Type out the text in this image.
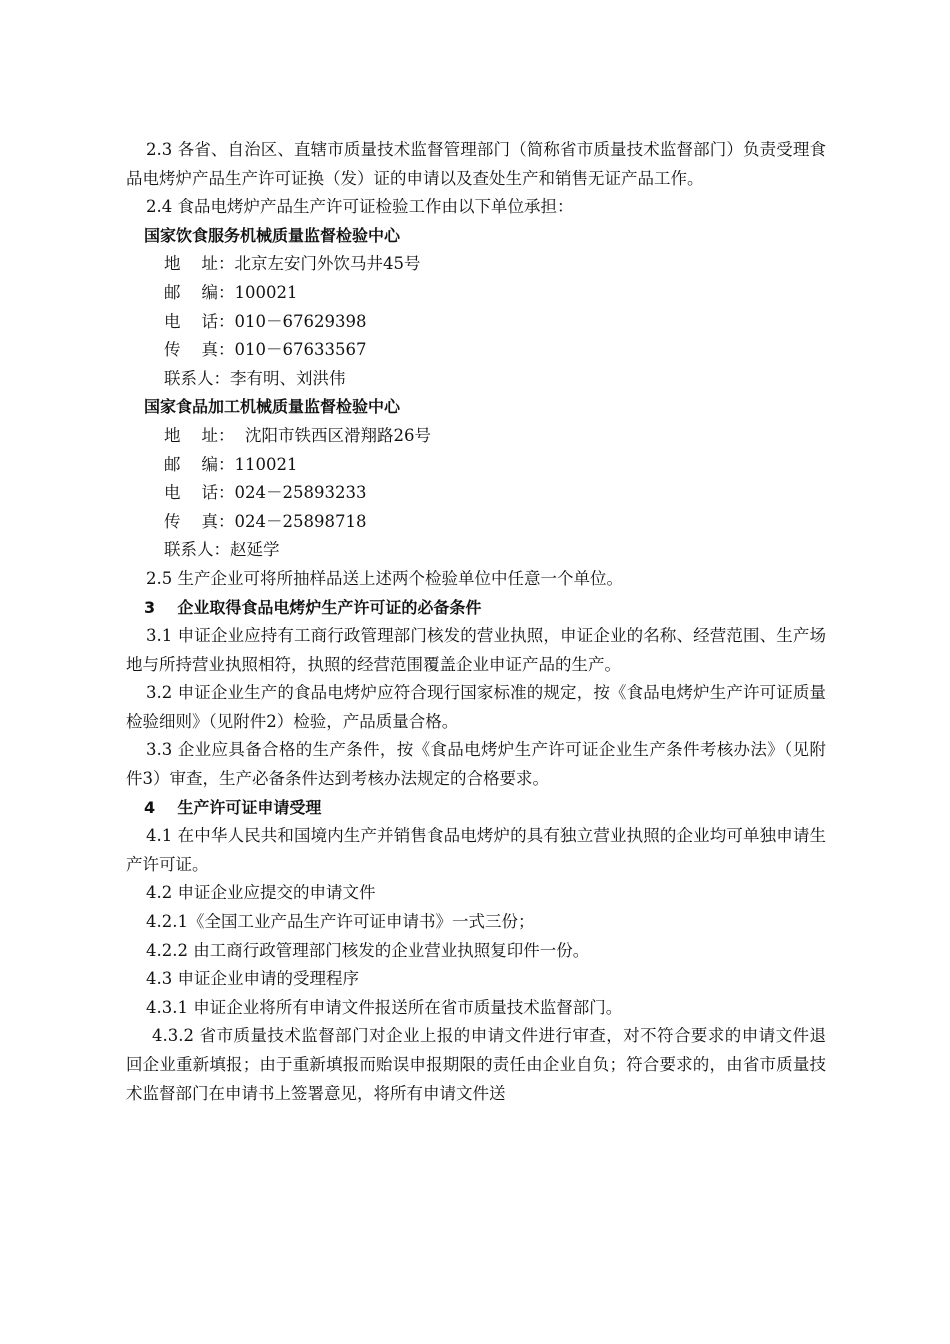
2.3 各省、自治区、直辖市质量技术监督管理部门（简称省市质量技术监督部门）负责受理食品电烤炉产品生产许可证换（发）证的申请以及查处生产和销售无证产品工作。

2.4 食品电烤炉产品生产许可证检验工作由以下单位承担：

国家饮食服务机械质量监督检验中心

地    址：北京左安门外饮马井45号
邮    编：100021
电    话：010－67629398
传    真：010－67633567
联系人：李有明、刘洪伟

国家食品加工机械质量监督检验中心

地    址：  沈阳市铁西区滑翔路26号
邮    编：110021
电    话：024－25893233
传    真：024－25898718
联系人：赵延学

2.5 生产企业可将所抽样品送上述两个检验单位中任意一个单位。

3    企业取得食品电烤炉生产许可证的必备条件

3.1 申证企业应持有工商行政管理部门核发的营业执照，申证企业的名称、经营范围、生产场地与所持营业执照相符，执照的经营范围覆盖企业申证产品的生产。

3.2 申证企业生产的食品电烤炉应符合现行国家标准的规定，按《食品电烤炉生产许可证质量检验细则》（见附件2）检验，产品质量合格。

3.3 企业应具备合格的生产条件，按《食品电烤炉生产许可证企业生产条件考核办法》（见附件3）审查，生产必备条件达到考核办法规定的合格要求。

4    生产许可证申请受理

4.1 在中华人民共和国境内生产并销售食品电烤炉的具有独立营业执照的企业均可单独申请生产许可证。

4.2 申证企业应提交的申请文件

4.2.1《全国工业产品生产许可证申请书》一式三份；

4.2.2 由工商行政管理部门核发的企业营业执照复印件一份。

4.3 申证企业申请的受理程序

4.3.1 申证企业将所有申请文件报送所在省市质量技术监督部门。

4.3.2 省市质量技术监督部门对企业上报的申请文件进行审查，对不符合要求的申请文件退回企业重新填报；由于重新填报而贻误申报期限的责任由企业自负；符合要求的，由省市质量技术监督部门在申请书上签署意见，将所有申请文件送
